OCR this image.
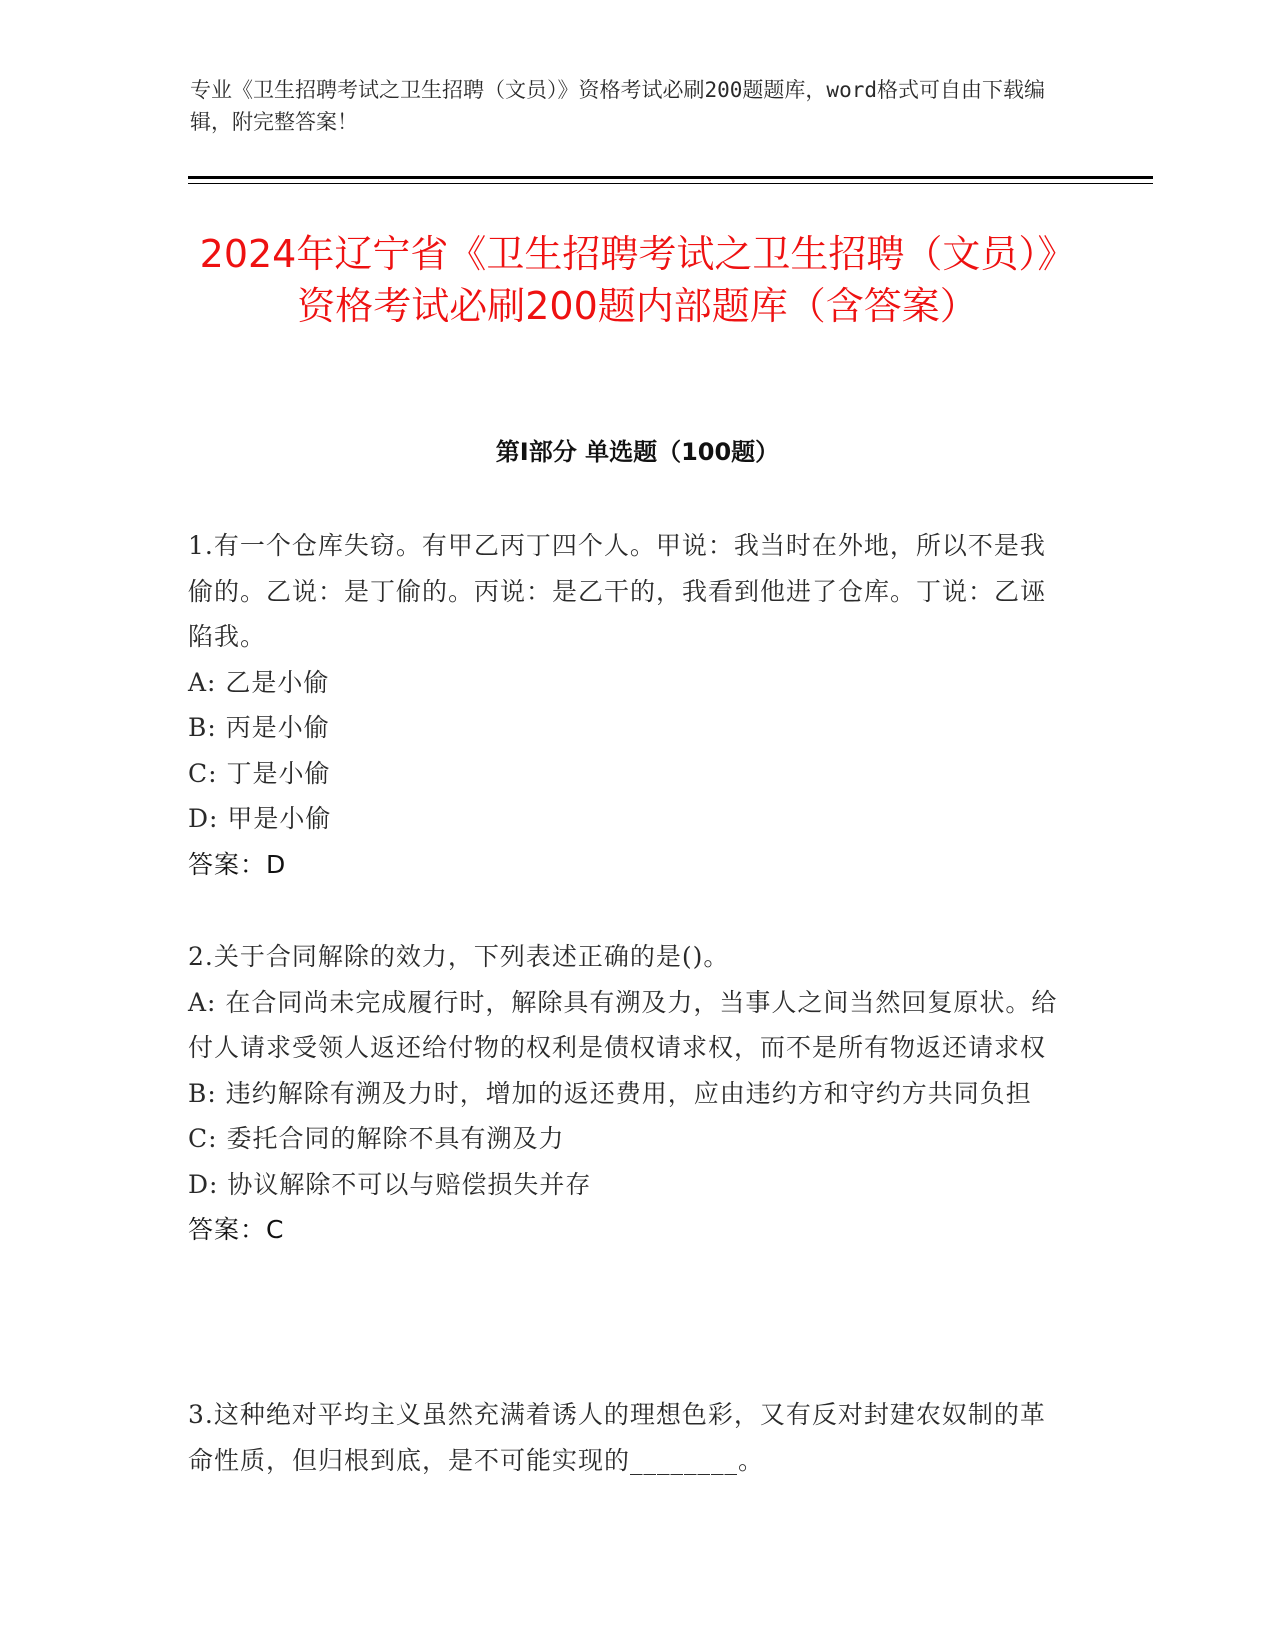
专业《卫生招聘考试之卫生招聘（文员）》资格考试必刷200题题库，word格式可自由下载编辑，附完整答案！
2024年辽宁省《卫生招聘考试之卫生招聘（文员）》资格考试必刷200题内部题库（含答案）
第Ⅰ部分 单选题（100题）
1.有一个仓库失窃。有甲乙丙丁四个人。甲说：我当时在外地，所以不是我偷的。乙说：是丁偷的。丙说：是乙干的，我看到他进了仓库。丁说：乙诬陷我。
A: 乙是小偷
B: 丙是小偷
C: 丁是小偷
D: 甲是小偷
答案：D
2.关于合同解除的效力，下列表述正确的是()。
A: 在合同尚未完成履行时，解除具有溯及力，当事人之间当然回复原状。给付人请求受领人返还给付物的权利是债权请求权，而不是所有物返还请求权
B: 违约解除有溯及力时，增加的返还费用，应由违约方和守约方共同负担
C: 委托合同的解除不具有溯及力
D: 协议解除不可以与赔偿损失并存
答案：C
3.这种绝对平均主义虽然充满着诱人的理想色彩，又有反对封建农奴制的革命性质，但归根到底，是不可能实现的________。
